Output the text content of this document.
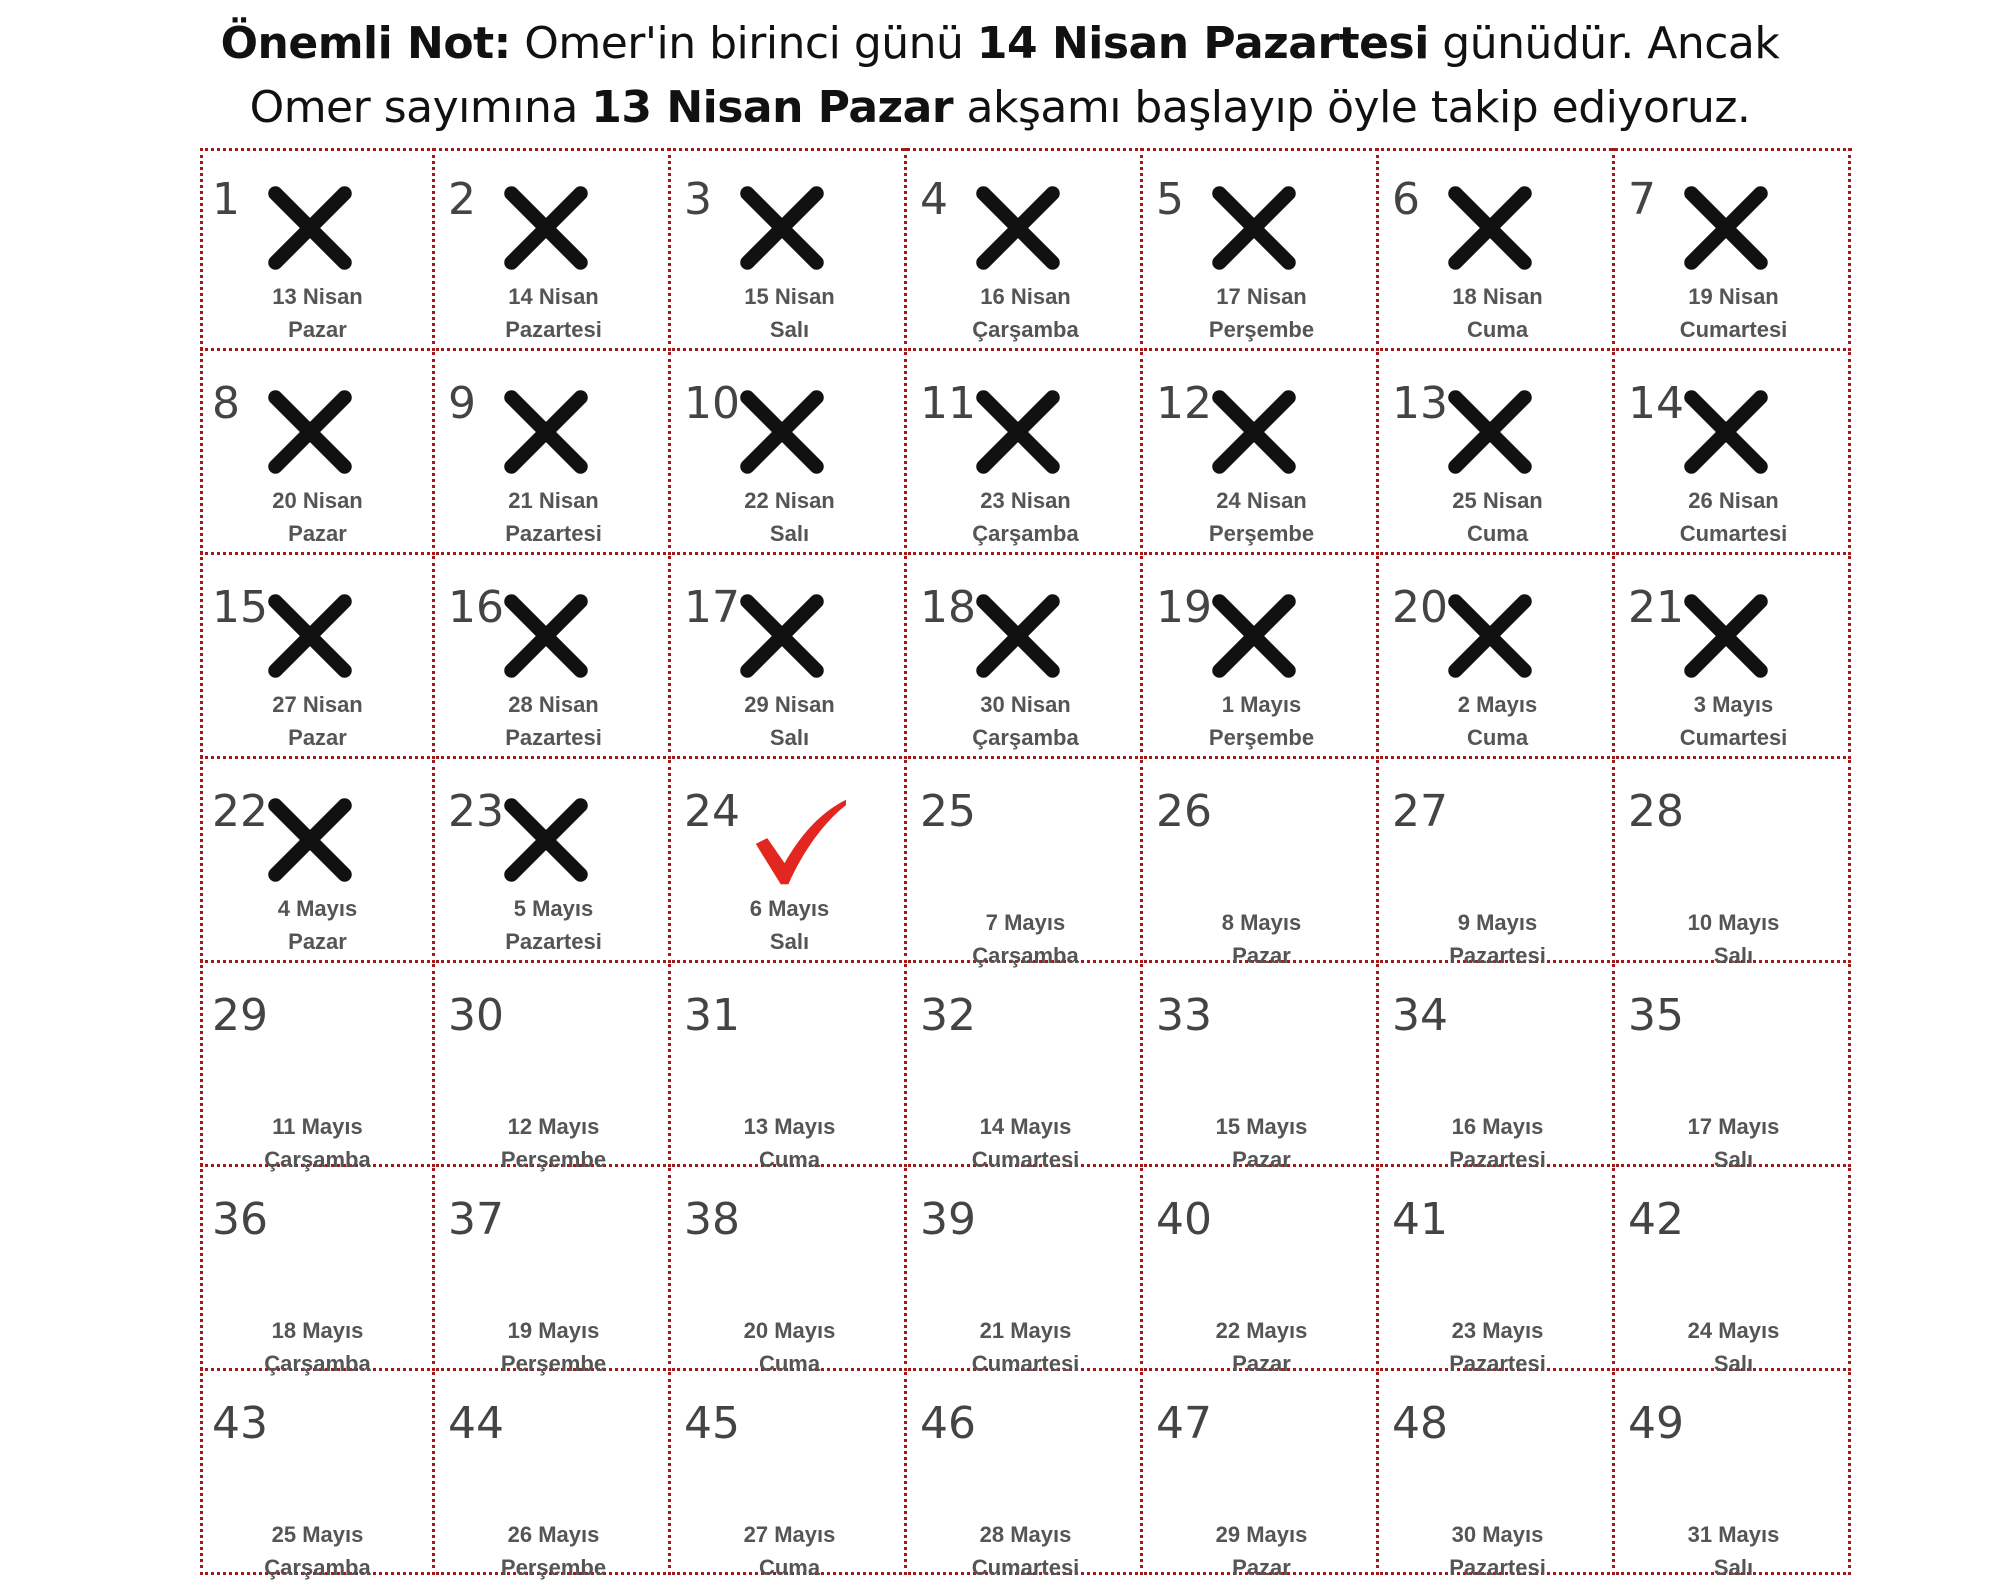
Önemli Not: Omer'in birinci günü 14 Nisan Pazartesi günüdür. Ancak
Omer sayımına 13 Nisan Pazar akşamı başlayıp öyle takip ediyoruz.
1
13 Nisan
Pazar
2
14 Nisan
Pazartesi
3
15 Nisan
Salı
4
16 Nisan
Çarşamba
5
17 Nisan
Perşembe
6
18 Nisan
Cuma
7
19 Nisan
Cumartesi
8
20 Nisan
Pazar
9
21 Nisan
Pazartesi
10
22 Nisan
Salı
11
23 Nisan
Çarşamba
12
24 Nisan
Perşembe
13
25 Nisan
Cuma
14
26 Nisan
Cumartesi
15
27 Nisan
Pazar
16
28 Nisan
Pazartesi
17
29 Nisan
Salı
18
30 Nisan
Çarşamba
19
1 Mayıs
Perşembe
20
2 Mayıs
Cuma
21
3 Mayıs
Cumartesi
22
4 Mayıs
Pazar
23
5 Mayıs
Pazartesi
24
6 Mayıs
Salı
25
7 Mayıs
Çarşamba
26
8 Mayıs
Pazar
27
9 Mayıs
Pazartesi
28
10 Mayıs
Salı
29
11 Mayıs
Çarşamba
30
12 Mayıs
Perşembe
31
13 Mayıs
Cuma
32
14 Mayıs
Cumartesi
33
15 Mayıs
Pazar
34
16 Mayıs
Pazartesi
35
17 Mayıs
Salı
36
18 Mayıs
Çarşamba
37
19 Mayıs
Perşembe
38
20 Mayıs
Cuma
39
21 Mayıs
Cumartesi
40
22 Mayıs
Pazar
41
23 Mayıs
Pazartesi
42
24 Mayıs
Salı
43
25 Mayıs
Çarşamba
44
26 Mayıs
Perşembe
45
27 Mayıs
Cuma
46
28 Mayıs
Cumartesi
47
29 Mayıs
Pazar
48
30 Mayıs
Pazartesi
49
31 Mayıs
Salı
